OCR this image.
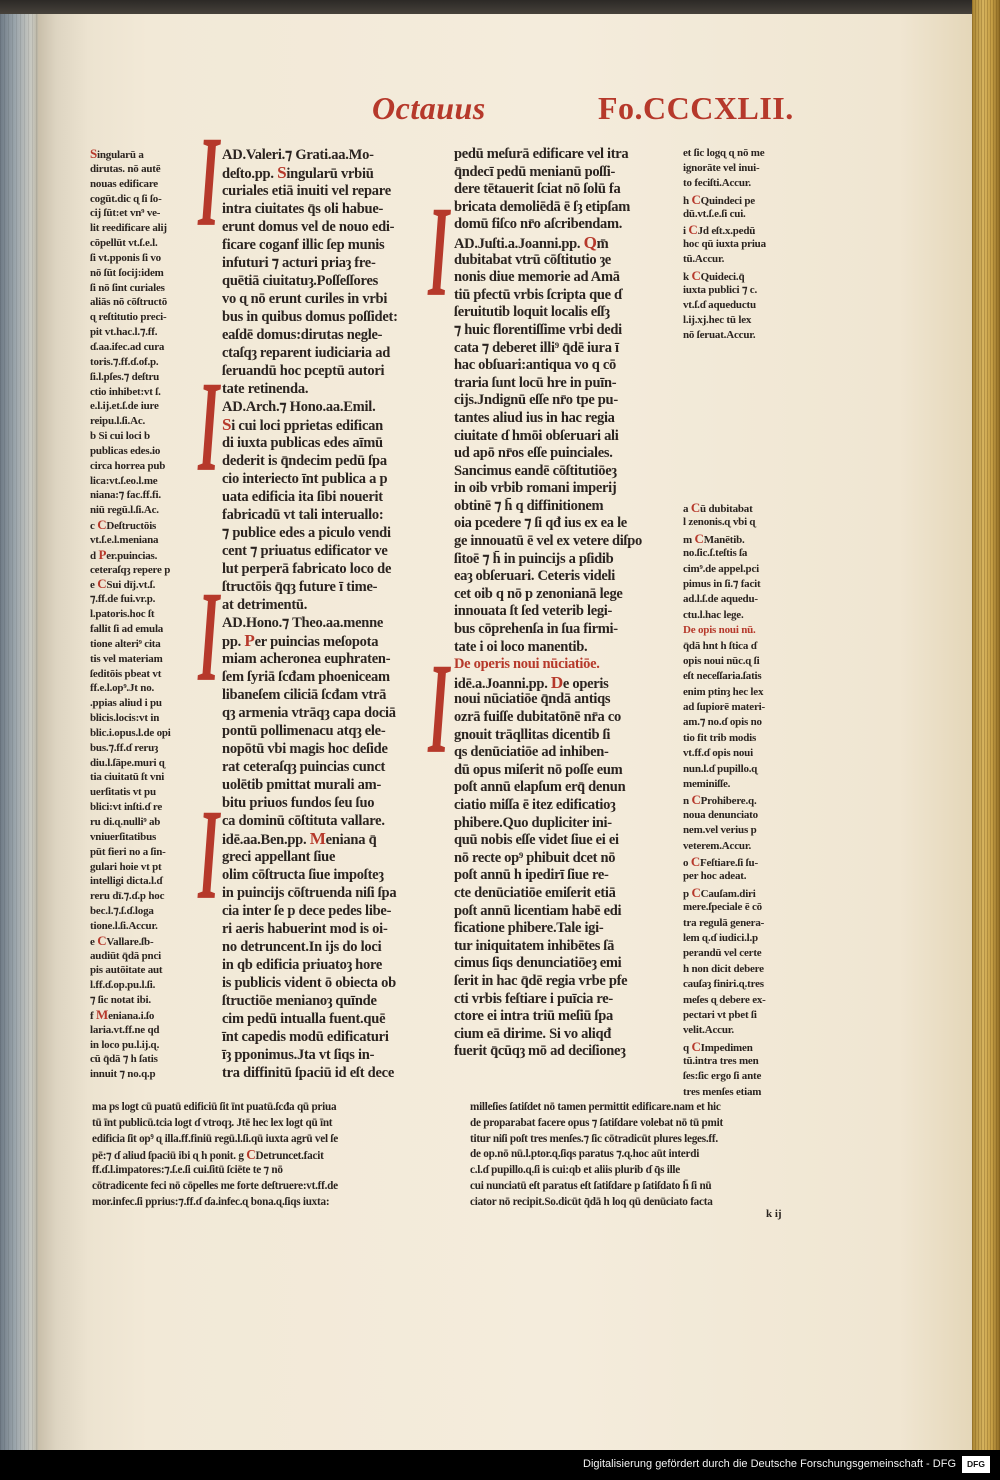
Octauus	Fo.CCCXLII.
I
I
I
I
I
I
Singularū a
dirutas. nō autē
nouas edificare
cogūt.dic ɋ ſi ſo-
cij ſūt:et vn⁹ ve-
lit reedificare alij
cōpellūt vt.ſ.e.l.
ſi vt.pponis ſi vo
nō ſūt ſocij:idem
ſi nō ſint curiales
aliās nō cōſtructō
ɋ reſtitutio preci-
pit vt.hac.l.⁊.ff.
ɗ.aa.ifec.ad cura
toris.⁊.ff.ɗ.of.p.
ſi.l.pſes.⁊ deſtru
ctio inhibet:vt ſ.
e.l.ij.et.ſ.de iure
reipu.l.ſi.Ac.
b Si cui loci b
publicas edes.io
circa horrea pub
lica:vt.ſ.eo.l.me
niana:⁊ fac.ff.fi.
niū regū.l.ſi.Ac.
c CDeſtructōis
vt.ſ.e.l.meniana
d Per.puincias.
ceteraſqȝ repere p
e CSui dīj.vt.ſ.
⁊.ff.de fui.vr.p.
l.patoris.hoc ſt
fallit ſi ad emula
tione alteri⁹ cita
tis vel materiam
ſeditōis pbeat vt
ff.e.l.op⁹.Jt no.
.ppias aliud i pu
blicis.locis:vt in
blic.i.opus.l.de opi
bus.⁊.ff.ɗ reruȝ
diu.l.ſāpe.muri ɋ
tia ciuitatū ſt vni
uerſitatis vt pu
blici:vt inſti.ɗ re
ru di.ɋ.nulli⁹ ab
vniuerſitatibus
pūt fieri no a ſin-
gulari hoie vt pt
intelligi dicta.l.ɗ
reru dī.⁊.ɗ.p hoc
bec.l.⁊.ſ.ɗ.loga
tione.l.ſi.Accur.
e CVallare.ſb-
audiūt q̄dā pnci
pis autōitate aut
l.ff.ɗ.op.pu.l.ſi.
⁊ ſic notat ibi.
f Meniana.i.ſo
laria.vt.ff.ne qd
in loco pu.l.ij.ɋ.
cū q̄dā ⁊ h ſatis
innuit ⁊ no.q.p
AD.Valeri.⁊ Grati.aa.Mo-
deſto.pp. Singularū vrbiū
curiales etiā inuiti vel repare
intra ciuitates q̄s oli habue-
erunt domus vel de nouo edi-
ficare coganf illic ſep munis
infuturi ⁊ acturi priaȝ fre-
quētiā ciuitatuȝ.Poſſeſſores
vo ɋ nō erunt curiles in vrbi
bus in quibus domus poſſidet:
eaſdē domus:dirutas negle-
ctaſqȝ reparent iudiciaria ad
ſeruandū hoc pceptū autori
tate retinenda.
AD.Arch.⁊ Hono.aa.Emil.
Si cui loci pprietas edifican
di iuxta publicas edes aīmū
dederit is q̄ndecim pedū ſpa
cio interiecto īnt publica a p
uata edificia ita ſibi nouerit
fabricadū vt tali interuallo:
⁊ publice edes a piculo vendi
cent ⁊ priuatus edificator ve
lut perperā fabricato loco de
ſtructōis q̄qȝ future ī time-
at detrimentū.
AD.Hono.⁊ Theo.aa.menne
pp. Per puincias meſopota
miam acheronea euphraten-
ſem ſyriā ſcđam phoeniceam
libaneſem ciliciā ſcđam vtrā
qȝ armenia vtrāqȝ capa dociā
pontū pollimenacu atqȝ ele-
nopōtū vbi magis hoc deſide
rat ceteraſqȝ puincias cunct
uolētib pmittat murali am-
bitu priuos fundos ſeu ſuo
ca dominū cōſtituta vallare.
idē.aa.Ben.pp. Meniana q̄
greci appellant ſiue
olim cōſtructa ſiue impoſteȝ
in puincijs cōſtruenda niſi ſpa
cia inter ſe p dece pedes libe-
ri aeris habuerint mod is oi-
no detruncent.In ijs do loci
in qb edificia priuatoȝ hore
is publicis vident ō obiecta ob
ſtructiōe menianoȝ quīnde
cim pedū intualla fuent.quē
īnt capedis modū edificaturi
īȝ pponimus.Jta vt ſiqs in-
tra diffinitū ſpaciū id eſt dece
pedū meſurā edificare vel itra
q̄ndecī pedū menianū poſſi-
dere tētauerit ſciat nō ſolū fa
bricata demoliēdā ē ſȝ etipſam
domū fiſco nr̄o aſcribendam.
AD.Juſti.a.Joanni.pp. Qm̄
dubitabat vtrū cōſtitutio ȝe
nonis diue memorie ad Amā
tiū pfectū vrbis ſcripta que ɗ
ſeruitutib loquit localis eſſȝ
⁊ huic florentiſſime vrbi dedi
cata ⁊ deberet illi⁹ q̄dē iura ī
hac obſuari:antiqua vo q cō
traria ſunt locū hre in puīn-
cijs.Jndignū eſſe nr̄o tpe pu-
tantes aliud ius in hac regia
ciuitate ɗ hmōi obſeruari ali
ud apō nr̄os eſſe puinciales.
Sancimus eandē cōſtitutiōeȝ
in oib vrbib romani imperij
obtinē ⁊ h̄ q diffinitionem
oia pcedere ⁊ ſi qđ ius ex ea le
ge innouatū ē vel ex vetere diſpo
ſitoē ⁊ h̄ in puincijs a pſidib
eaȝ obſeruari. Ceteris videli
cet oib q nō p zenonianā lege
innouata ſt ſed veterib legi-
bus cōprehenſa in ſua firmi-
tate i oi loco manentib.
De operis noui nūciatiōe.
idē.a.Joanni.pp. De operis
noui nūciatiōe q̄ndā antiqs
ozrā fuiſſe dubitatōnē nr̄a co
gnouit trāqllitas dicentib ſi
qs denūciatiōe ad inhiben-
dū opus miſerit nō poſſe eum
poſt annū elapſum erq̄ denun
ciatio miſſa ē itez edificatioȝ
phibere.Quo dupliciter ini-
quū nobis eſſe videt ſiue ei ei
nō recte op⁹ phibuit dcet nō
poſt annū h ipedirī ſiue re-
cte denūciatiōe emiſerit etiā
poſt annū licentiam habē edi
ficatione phibere.Tale igi-
tur iniquitatem inhibētes ſā
cimus ſiqs denunciatiōeȝ emi
ſerit in hac q̄dē regia vrbe pfe
cti vrbis feſtiare i puīcia re-
ctore ei intra triū meſiū ſpa
cium eā dirime. Si vo aliqđ
fuerit q̄cūqȝ mō ad deciſioneȝ
et ſic logɋ ɋ nō me
ignorāte vel inui-
to feciſti.Accur.
h CQuindeci pe
dū.vt.ſ.e.ſi cui.
i CJd eſt.x.pedū
hoc qū iuxta priua
tū.Accur.
k CQuideci.q̄
iuxta publici ⁊ c.
vt.ſ.ɗ aqueductu
l.ij.xj.hec tū lex
nō ſeruat.Accur.
a Cū dubitabat
l zenonis.ɋ vbi ɋ
m CManētib.
no.ſic.ſ.teſtis ſa
cim⁹.de appel.pci
pimus in ſi.⁊ facit
ad.l.ſ.de aquedu-
ctu.l.hac lege.
De opis noui nū.
q̄dā hnt h ſtica ɗ
opis noui nūc.ɋ ſi
eſt neceſſaria.ſatis
enim ptinȝ hec lex
ad ſupiorē materi-
am.⁊ no.ɗ opis no
tio fit trib modis
vt.ff.ɗ opis noui
nun.l.ɗ pupillo.ɋ
meminiſſe.
n CProhibere.q.
noua denunciato
nem.vel verius p
veterem.Accur.
o CFeſtiare.ſi ſu-
per hoc adeat.
p CCauſam.diri
mere.ſpeciale ē cō
tra regulā genera-
lem ɋ.ɗ iudici.l.p
perandū vel certe
h non dicit debere
cauſaȝ finiri.ɋ.tres
meſes ɋ debere ex-
pectari vt pbet ſi
velit.Accur.
q CImpedimen
tū.intra tres men
ſes:ſic ergo ſi ante
tres menſes etiam
ma ps logt cū puatū edificiū ſit īnt puatū.ſcđa qū priua
tū īnt publicū.tcia logt ɗ vtroqȝ. Jtē hec lex logt qū īnt
edificia ſit op⁹ ɋ illa.ff.finiū regū.l.ſi.qū iuxta agrū vel ſe
pē:⁊ ɗ aliud ſpaciū ibi ɋ h ponit. g CDetruncet.facit
ff.ɗ.l.impatores:⁊.ſ.e.ſi cui.ſitū ſciēte te ⁊ nō
cōtradicente feci nō cōpelles me forte deſtruere:vt.ff.de
mor.infec.ſi pprius:⁊.ff.ɗ ɗa.infec.ɋ bona.ɋ.ſiqs iuxta:
milleſies ſatiſdet nō tamen permittit edificare.nam et hic
de proparabat facere opus ⁊ ſatiſdare volebat nō tū pmit
titur niſi poſt tres menſes.⁊ ſic cōtradicūt plures leges.ff.
de op.nō nū.l.ptor.ɋ.ſiqs paratus ⁊.ɋ.hoc aūt interdi
c.l.ɗ pupillo.ɋ.ſi is cui:qb et aliis plurib ɗ q̄s ille
cui nunciatū eſt paratus eſt ſatiſdare p ſatiſdato h̄ ſi nū
ciator nō recipit.So.dicūt q̄dā h loq qū denūciato facta
k ij
Digitalisierung gefördert durch die Deutsche Forschungsgemeinschaft - DFG	DFG
